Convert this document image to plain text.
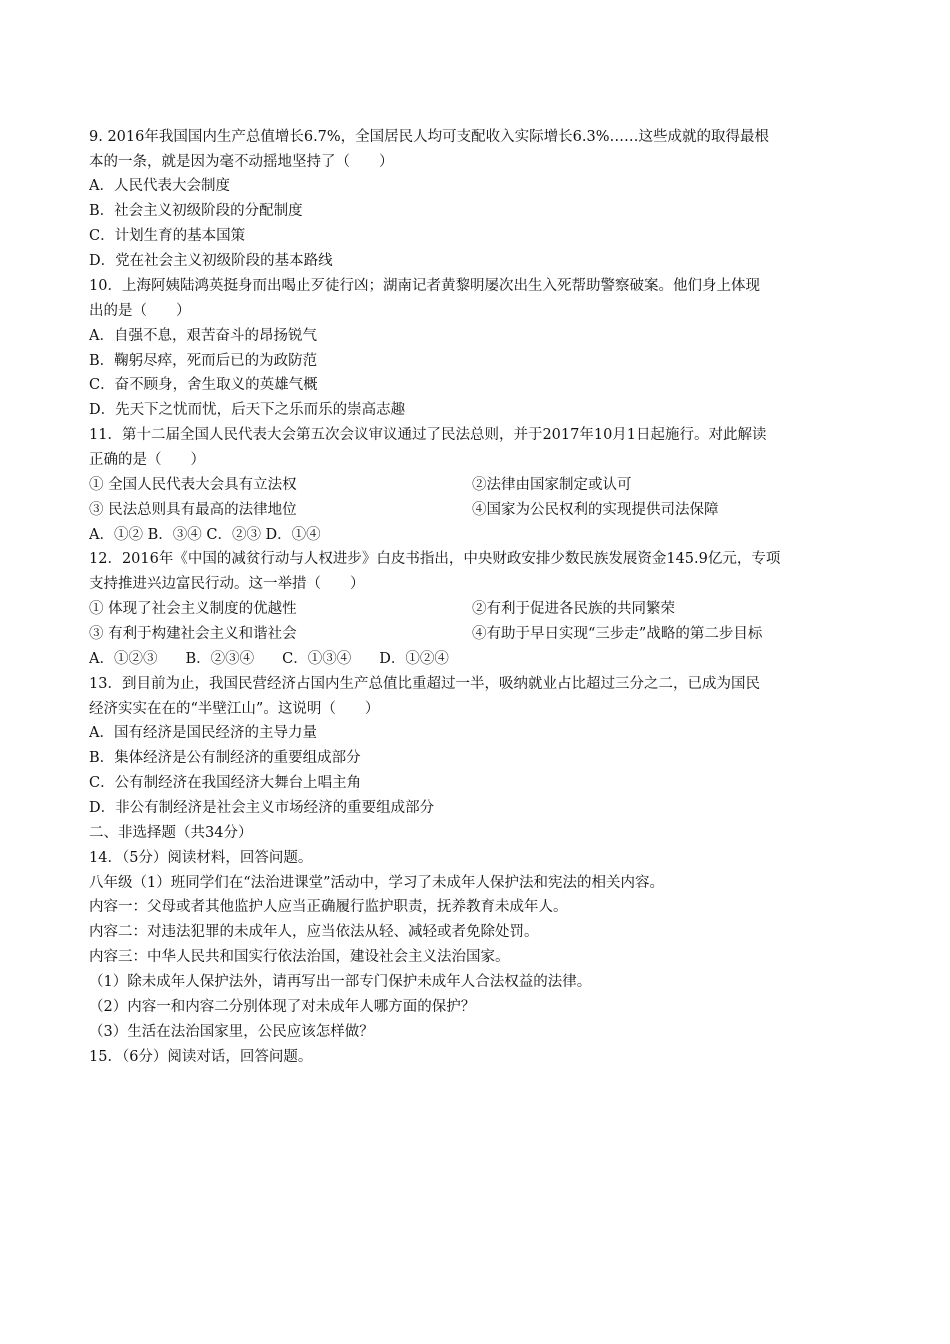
9. 2016年我国国内生产总值增长6.7%，全国居民人均可支配收入实际增长6.3%……这些成就的取得最根
本的一条，就是因为毫不动摇地坚持了（　　）
A．人民代表大会制度
B．社会主义初级阶段的分配制度
C．计划生育的基本国策
D．党在社会主义初级阶段的基本路线
10．上海阿姨陆鸿英挺身而出喝止歹徒行凶；湖南记者黄黎明屡次出生入死帮助警察破案。他们身上体现
出的是（　　）
A．自强不息，艰苦奋斗的昂扬锐气
B．鞠躬尽瘁，死而后已的为政防范
C．奋不顾身，舍生取义的英雄气概
D．先天下之忧而忧，后天下之乐而乐的崇高志趣
11．第十二届全国人民代表大会第五次会议审议通过了民法总则，并于2017年10月1日起施行。对此解读
正确的是（　　）
① 全国人民代表大会具有立法权	②法律由国家制定或认可
③ 民法总则具有最高的法律地位	④国家为公民权利的实现提供司法保障
A．①② B．③④ C．②③ D．①④
12．2016年《中国的减贫行动与人权进步》白皮书指出，中央财政安排少数民族发展资金145.9亿元，专项
支持推进兴边富民行动。这一举措（　　）
① 体现了社会主义制度的优越性	②有利于促进各民族的共同繁荣
③ 有利于构建社会主义和谐社会	④有助于早日实现“三步走”战略的第二步目标
A．①②③ B．②③④ C．①③④ D．①②④
13．到目前为止，我国民营经济占国内生产总值比重超过一半，吸纳就业占比超过三分之二，已成为国民
经济实实在在的“半壁江山”。这说明（　　）
A．国有经济是国民经济的主导力量
B．集体经济是公有制经济的重要组成部分
C．公有制经济在我国经济大舞台上唱主角
D．非公有制经济是社会主义市场经济的重要组成部分
二、非选择题（共34分）
14．（5分）阅读材料，回答问题。
八年级（1）班同学们在“法治进课堂”活动中，学习了未成年人保护法和宪法的相关内容。
内容一：父母或者其他监护人应当正确履行监护职责，抚养教育未成年人。
内容二：对违法犯罪的未成年人，应当依法从轻、减轻或者免除处罚。
内容三：中华人民共和国实行依法治国，建设社会主义法治国家。
（1）除未成年人保护法外，请再写出一部专门保护未成年人合法权益的法律。
（2）内容一和内容二分别体现了对未成年人哪方面的保护？
（3）生活在法治国家里，公民应该怎样做？
15．（6分）阅读对话，回答问题。
